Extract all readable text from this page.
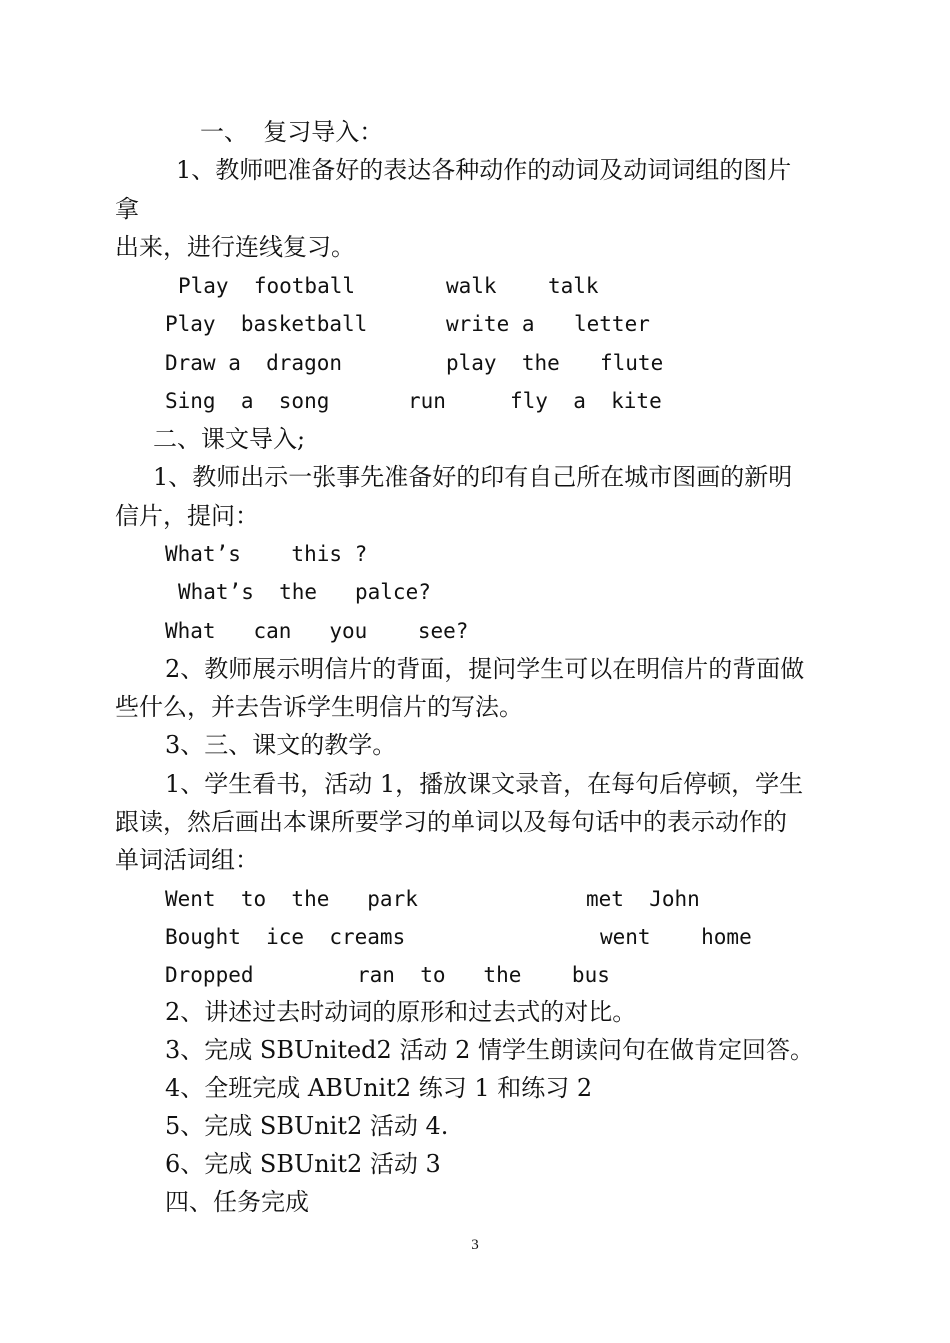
一、  复习导入：
1、教师吧准备好的表达各种动作的动词及动词词组的图片
拿
出来，进行连线复习。
Play  football	walk talk
Play  basketball	write a letter
Draw a  dragon	play  the flute
Sing  a  song	run	fly  a  kite
二、课文导入;
1、教师出示一张事先准备好的印有自己所在城市图画的新明
信片，提问：
What’s    this ?
What’s  the   palce?
What   can   you    see?
2、教师展示明信片的背面，提问学生可以在明信片的背面做
些什么，并去告诉学生明信片的写法。
3、三、课文的教学。
1、学生看书，活动 1，播放课文录音，在每句后停顿，学生
跟读，然后画出本课所要学习的单词以及每句话中的表示动作的
单词活词组：
Went  to  the   park	met  John
Bought  ice  creams	went    home
Dropped	ran  to   the    bus
2、讲述过去时动词的原形和过去式的对比。
3、完成 SBUnited2 活动 2 情学生朗读问句在做肯定回答。
4、全班完成 ABUnit2 练习 1 和练习 2
5、完成 SBUnit2 活动 4.
6、完成 SBUnit2 活动 3
四、任务完成
3
